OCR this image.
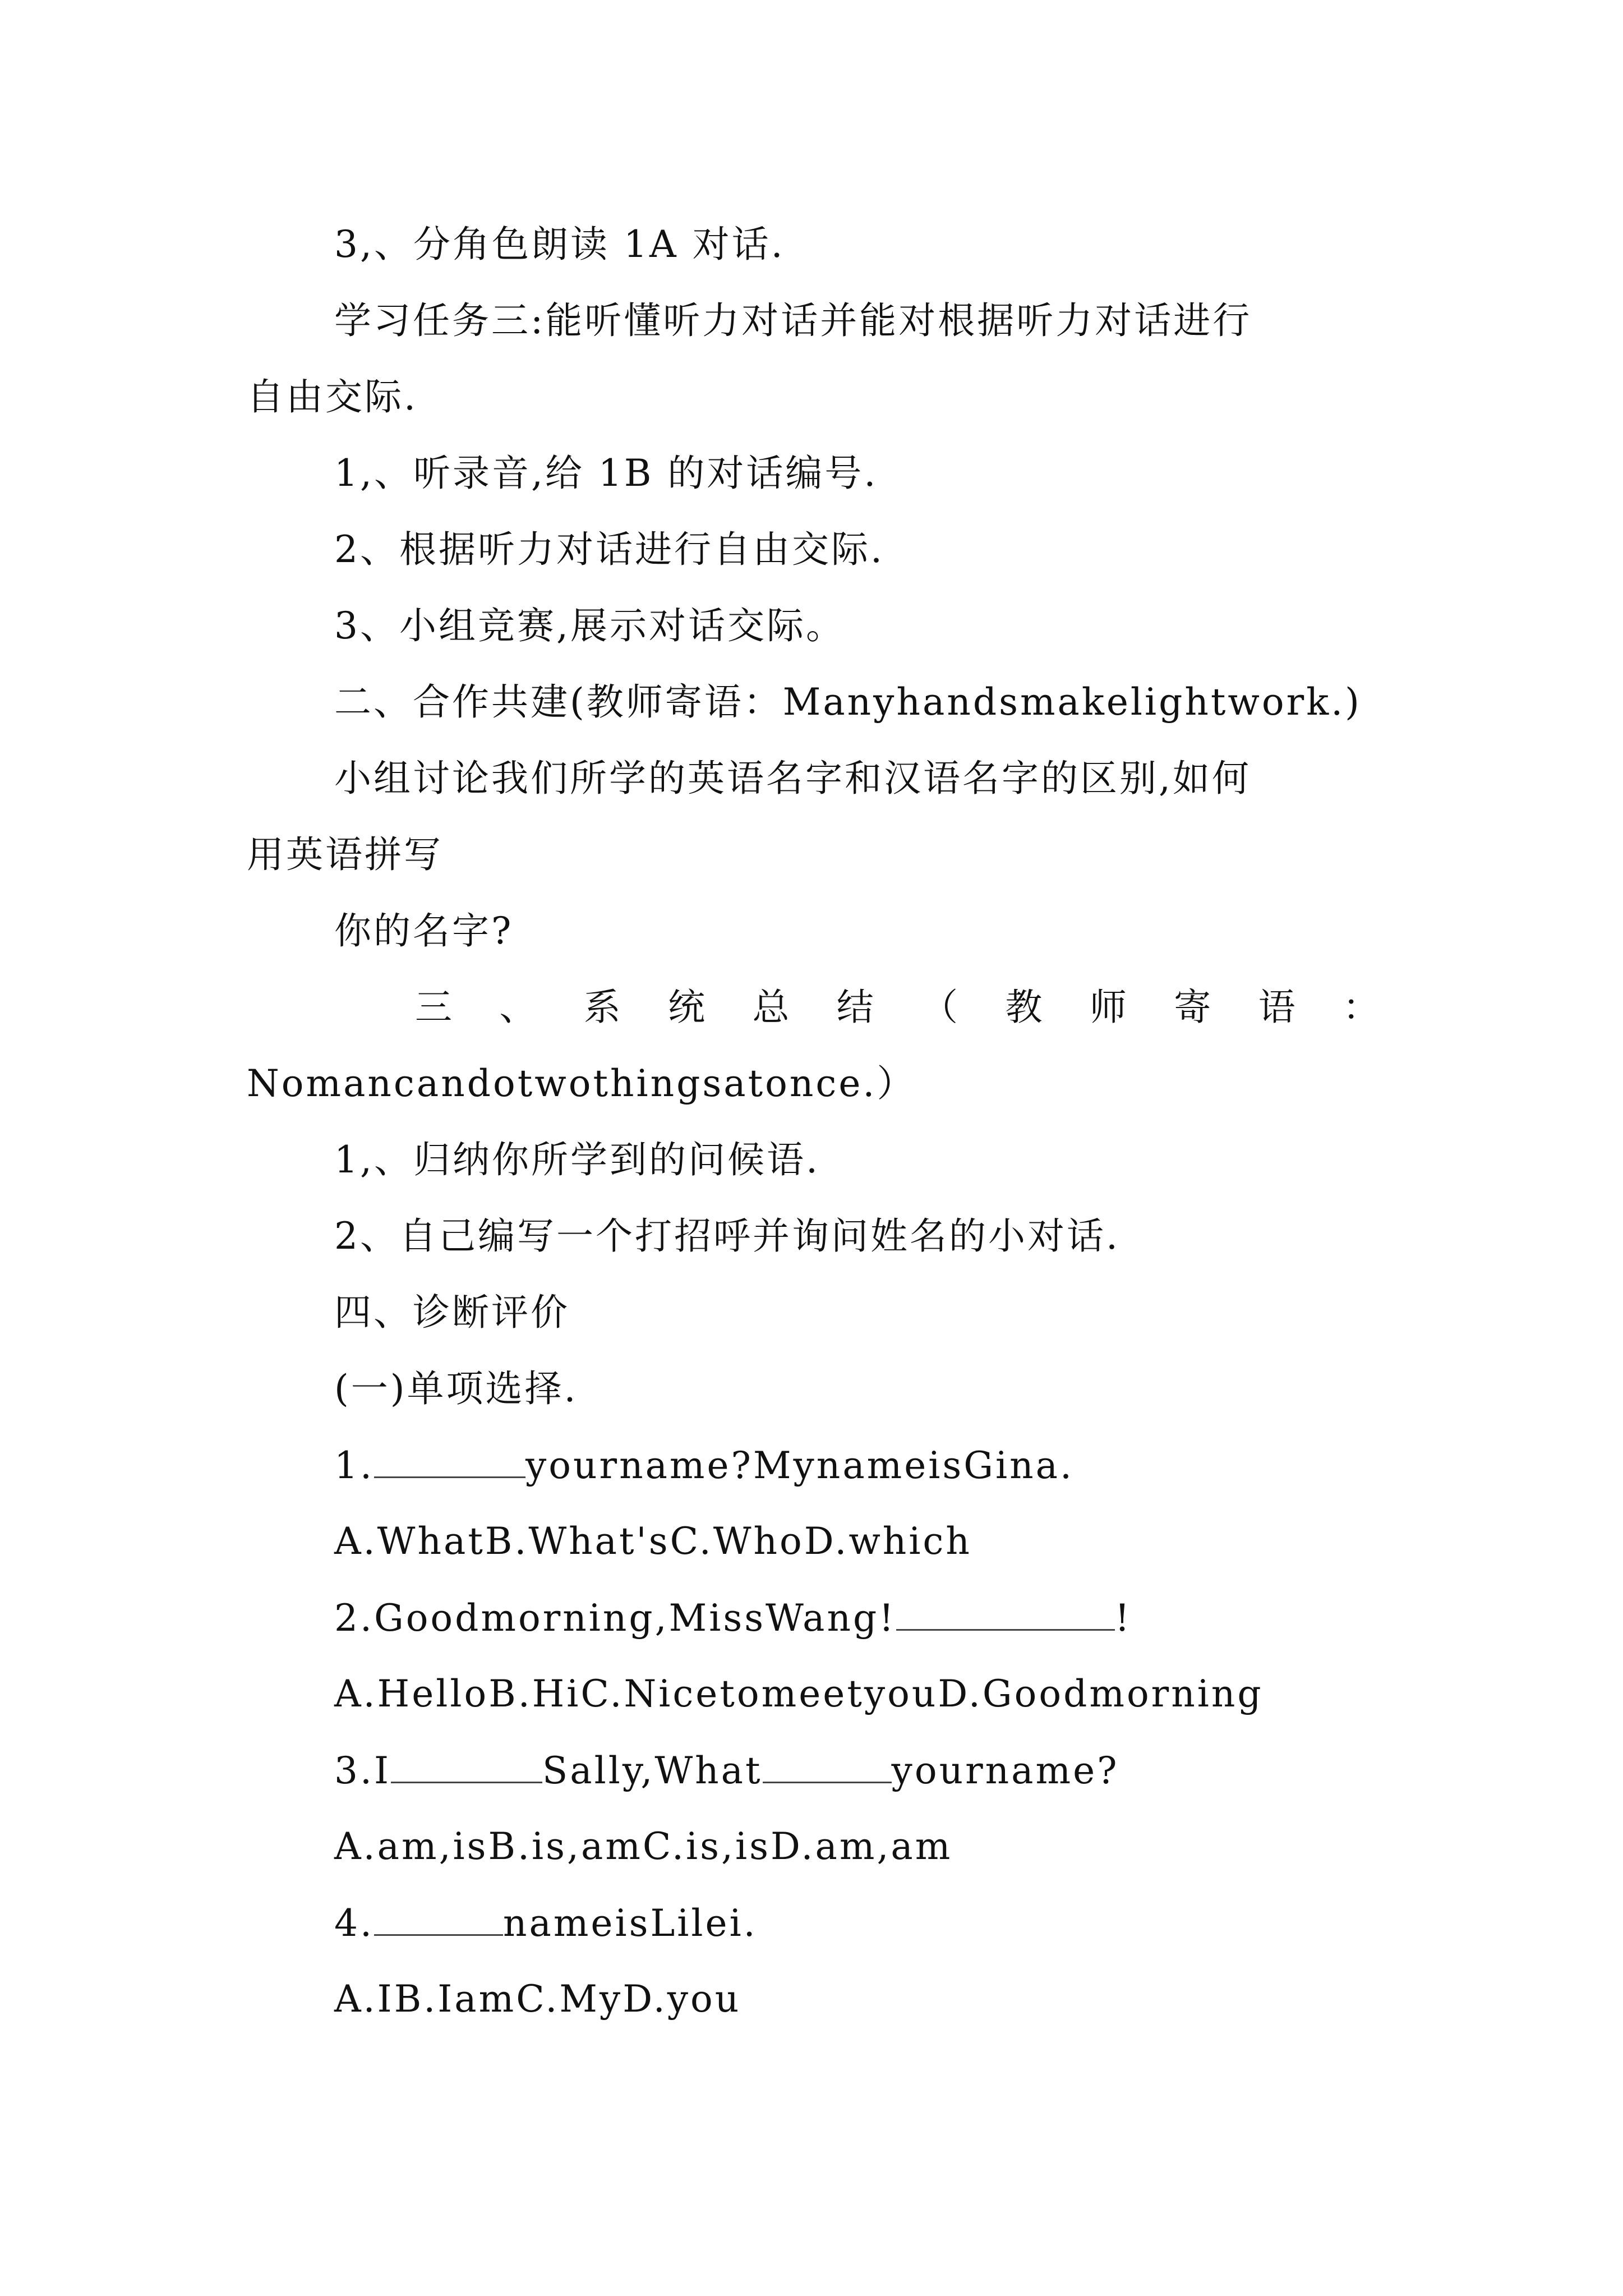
3,、分角色朗读 1A 对话.
学习任务三:能听懂听力对话并能对根据听力对话进行
自由交际.
1,、听录音,给 1B 的对话编号.
2、根据听力对话进行自由交际.
3、小组竞赛,展示对话交际。
二、合作共建(教师寄语：Manyhandsmakelightwork.)
小组讨论我们所学的英语名字和汉语名字的区别,如何
用英语拼写
你的名字?
三 、 系 统 总 结 （ 教 师 寄 语 ：
Nomancandotwothingsatonce.）
1,、归纳你所学到的问候语.
2、自己编写一个打招呼并询问姓名的小对话.
四、诊断评价
(一)单项选择.
1.	yourname?MynameisGina.
A.WhatB.What'sC.WhoD.which
2.Goodmorning,MissWang!	!
A.HelloB.HiC.NicetomeetyouD.Goodmorning
3.I	Sally,What	yourname?
A.am,isB.is,amC.is,isD.am,am
4.	nameisLilei.
A.IB.IamC.MyD.you
